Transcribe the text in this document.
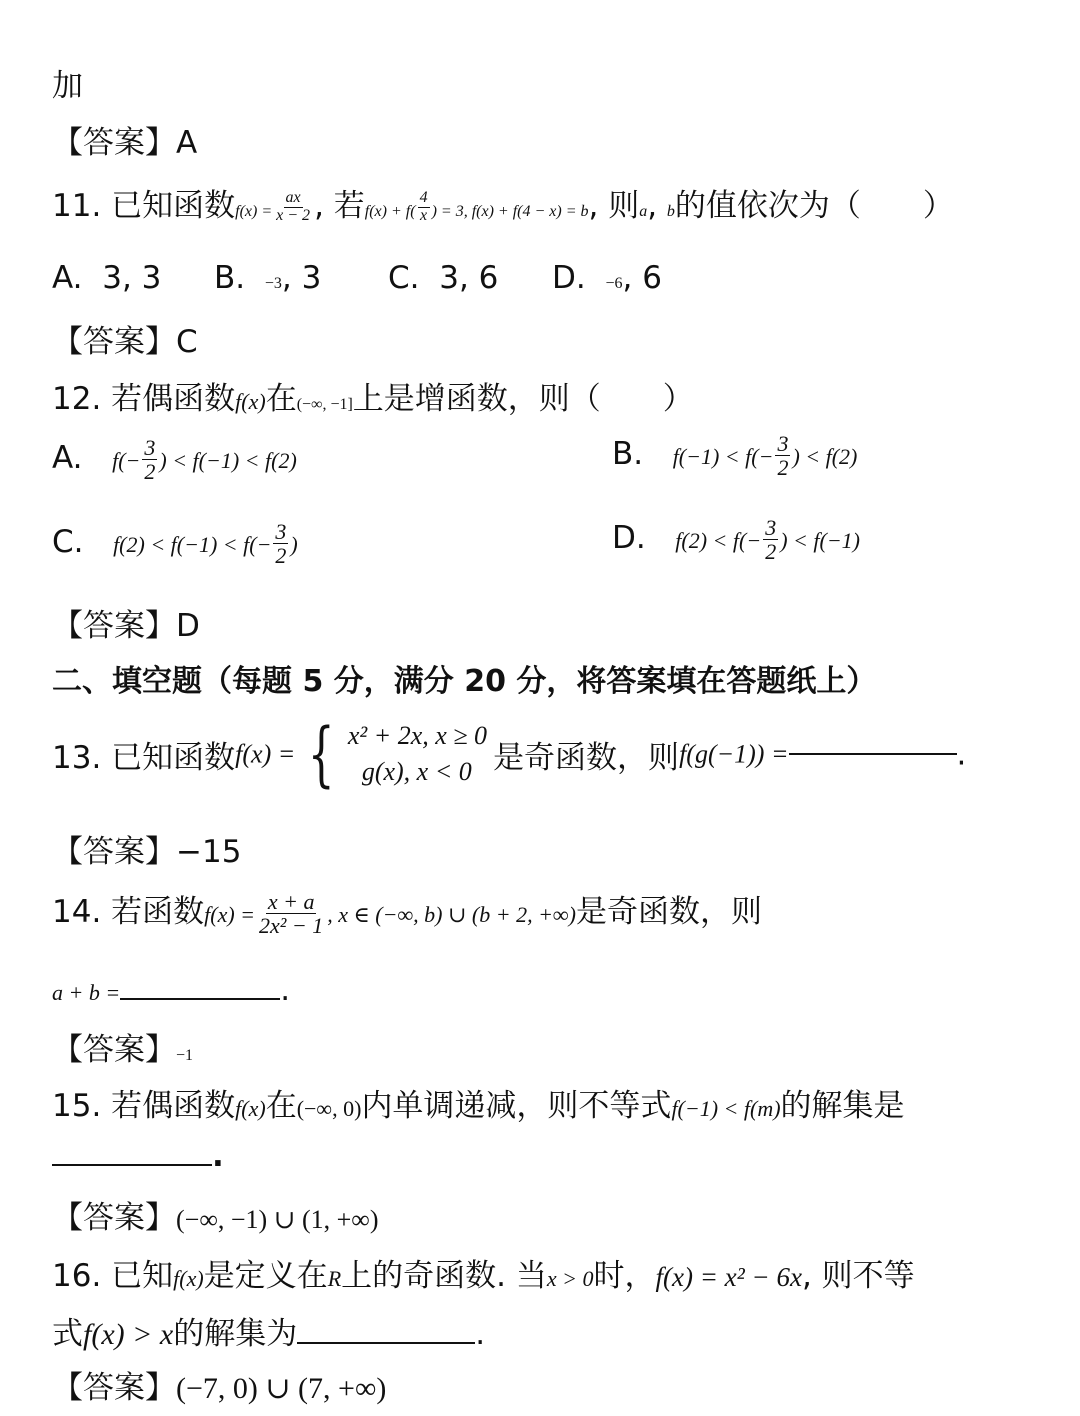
加
【答案】A
11. 已知函数$f(x) = \frac{ax}{x - 2}$ , 若$f(x) + f( \frac{4}{x}$ ) = 3, f(x) + f(4 − x) = b, 则a, b的值依次为（　　）
A. 3, 3 B. −3, 3 C. 3, 6 D. −6, 6
【答案】C
12. 若偶函数f(x)在(−∞, −1]上是增函数，则（　　）
A. $f(- \frac{3}{2}$ ) < f(−1) < f(2)	B. $f(-1) < f(- \frac{3}{2}$ ) < f(2)
C. $f(2) < f(-1) < f(- \frac{3}{2}$ )	D. $f(2) < f(- \frac{3}{2}$ ) < f(−1)
【答案】D
二、填空题（每题 5 分，满分 20 分，将答案填在答题纸上）
13. 已知函数f(x) = { x² + 2x, x ≥ 0
g(x), x < 0 是奇函数，则f(g(−1)) =	.
【答案】−15
14. 若函数$f(x) = \frac{x + a}{\text{2x² − 1}}$ , x ∈ (−∞, b) ∪ (b + 2, +∞)是奇函数，则
a + b =	.
【答案】−1
15. 若偶函数f(x)在(−∞, 0)内单调递减，则不等式f(−1) < f(m)的解集是
.
【答案】(−∞, −1) ∪ (1, +∞)
16. 已知f(x)是定义在R上的奇函数. 当x > 0时，f(x) = x² − 6x, 则不等
式f(x) > x的解集为	.
【答案】(−7, 0) ∪ (7, +∞)
